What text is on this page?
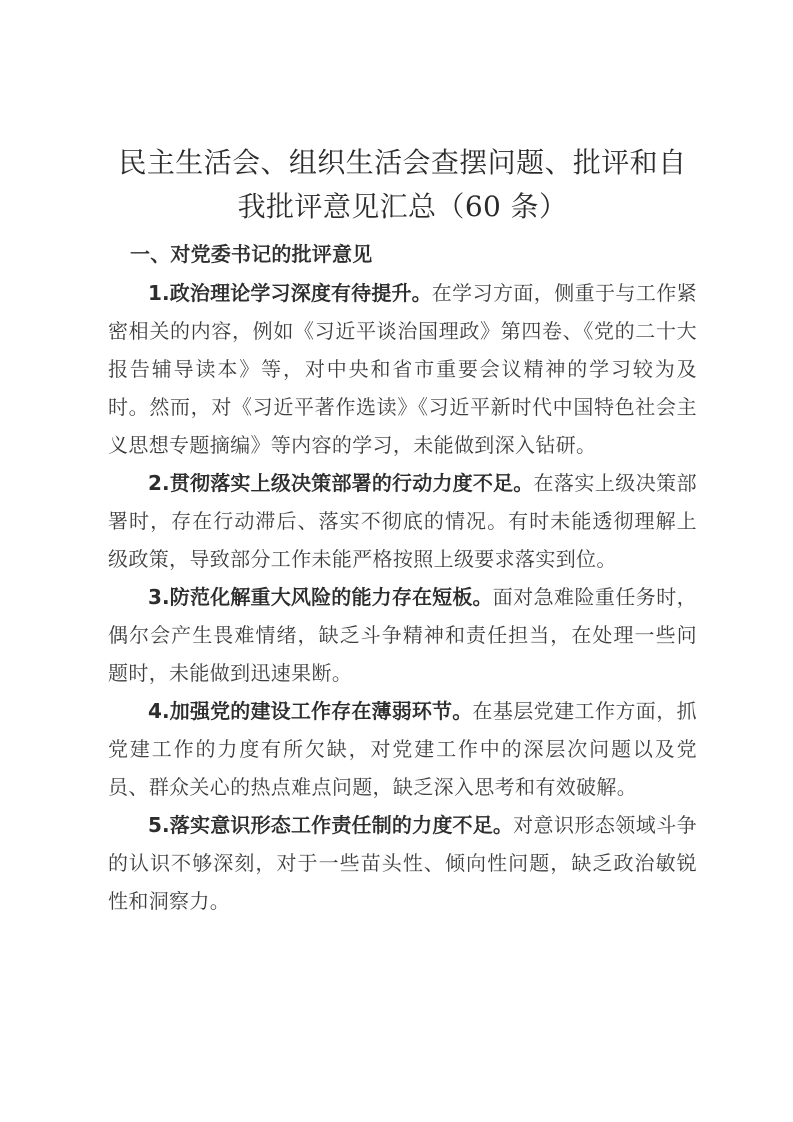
民主生活会、组织生活会查摆问题、批评和自
我批评意见汇总（60 条）
一、对党委书记的批评意见

1.政治理论学习深度有待提升。在学习方面，侧重于与工作紧密相关的内容，例如《习近平谈治国理政》第四卷、《党的二十大报告辅导读本》等，对中央和省市重要会议精神的学习较为及时。然而，对《习近平著作选读》《习近平新时代中国特色社会主义思想专题摘编》等内容的学习，未能做到深入钻研。

2.贯彻落实上级决策部署的行动力度不足。在落实上级决策部署时，存在行动滞后、落实不彻底的情况。有时未能透彻理解上级政策，导致部分工作未能严格按照上级要求落实到位。

3.防范化解重大风险的能力存在短板。面对急难险重任务时，偶尔会产生畏难情绪，缺乏斗争精神和责任担当，在处理一些问题时，未能做到迅速果断。

4.加强党的建设工作存在薄弱环节。在基层党建工作方面，抓党建工作的力度有所欠缺，对党建工作中的深层次问题以及党员、群众关心的热点难点问题，缺乏深入思考和有效破解。

5.落实意识形态工作责任制的力度不足。对意识形态领域斗争的认识不够深刻，对于一些苗头性、倾向性问题，缺乏政治敏锐性和洞察力。
